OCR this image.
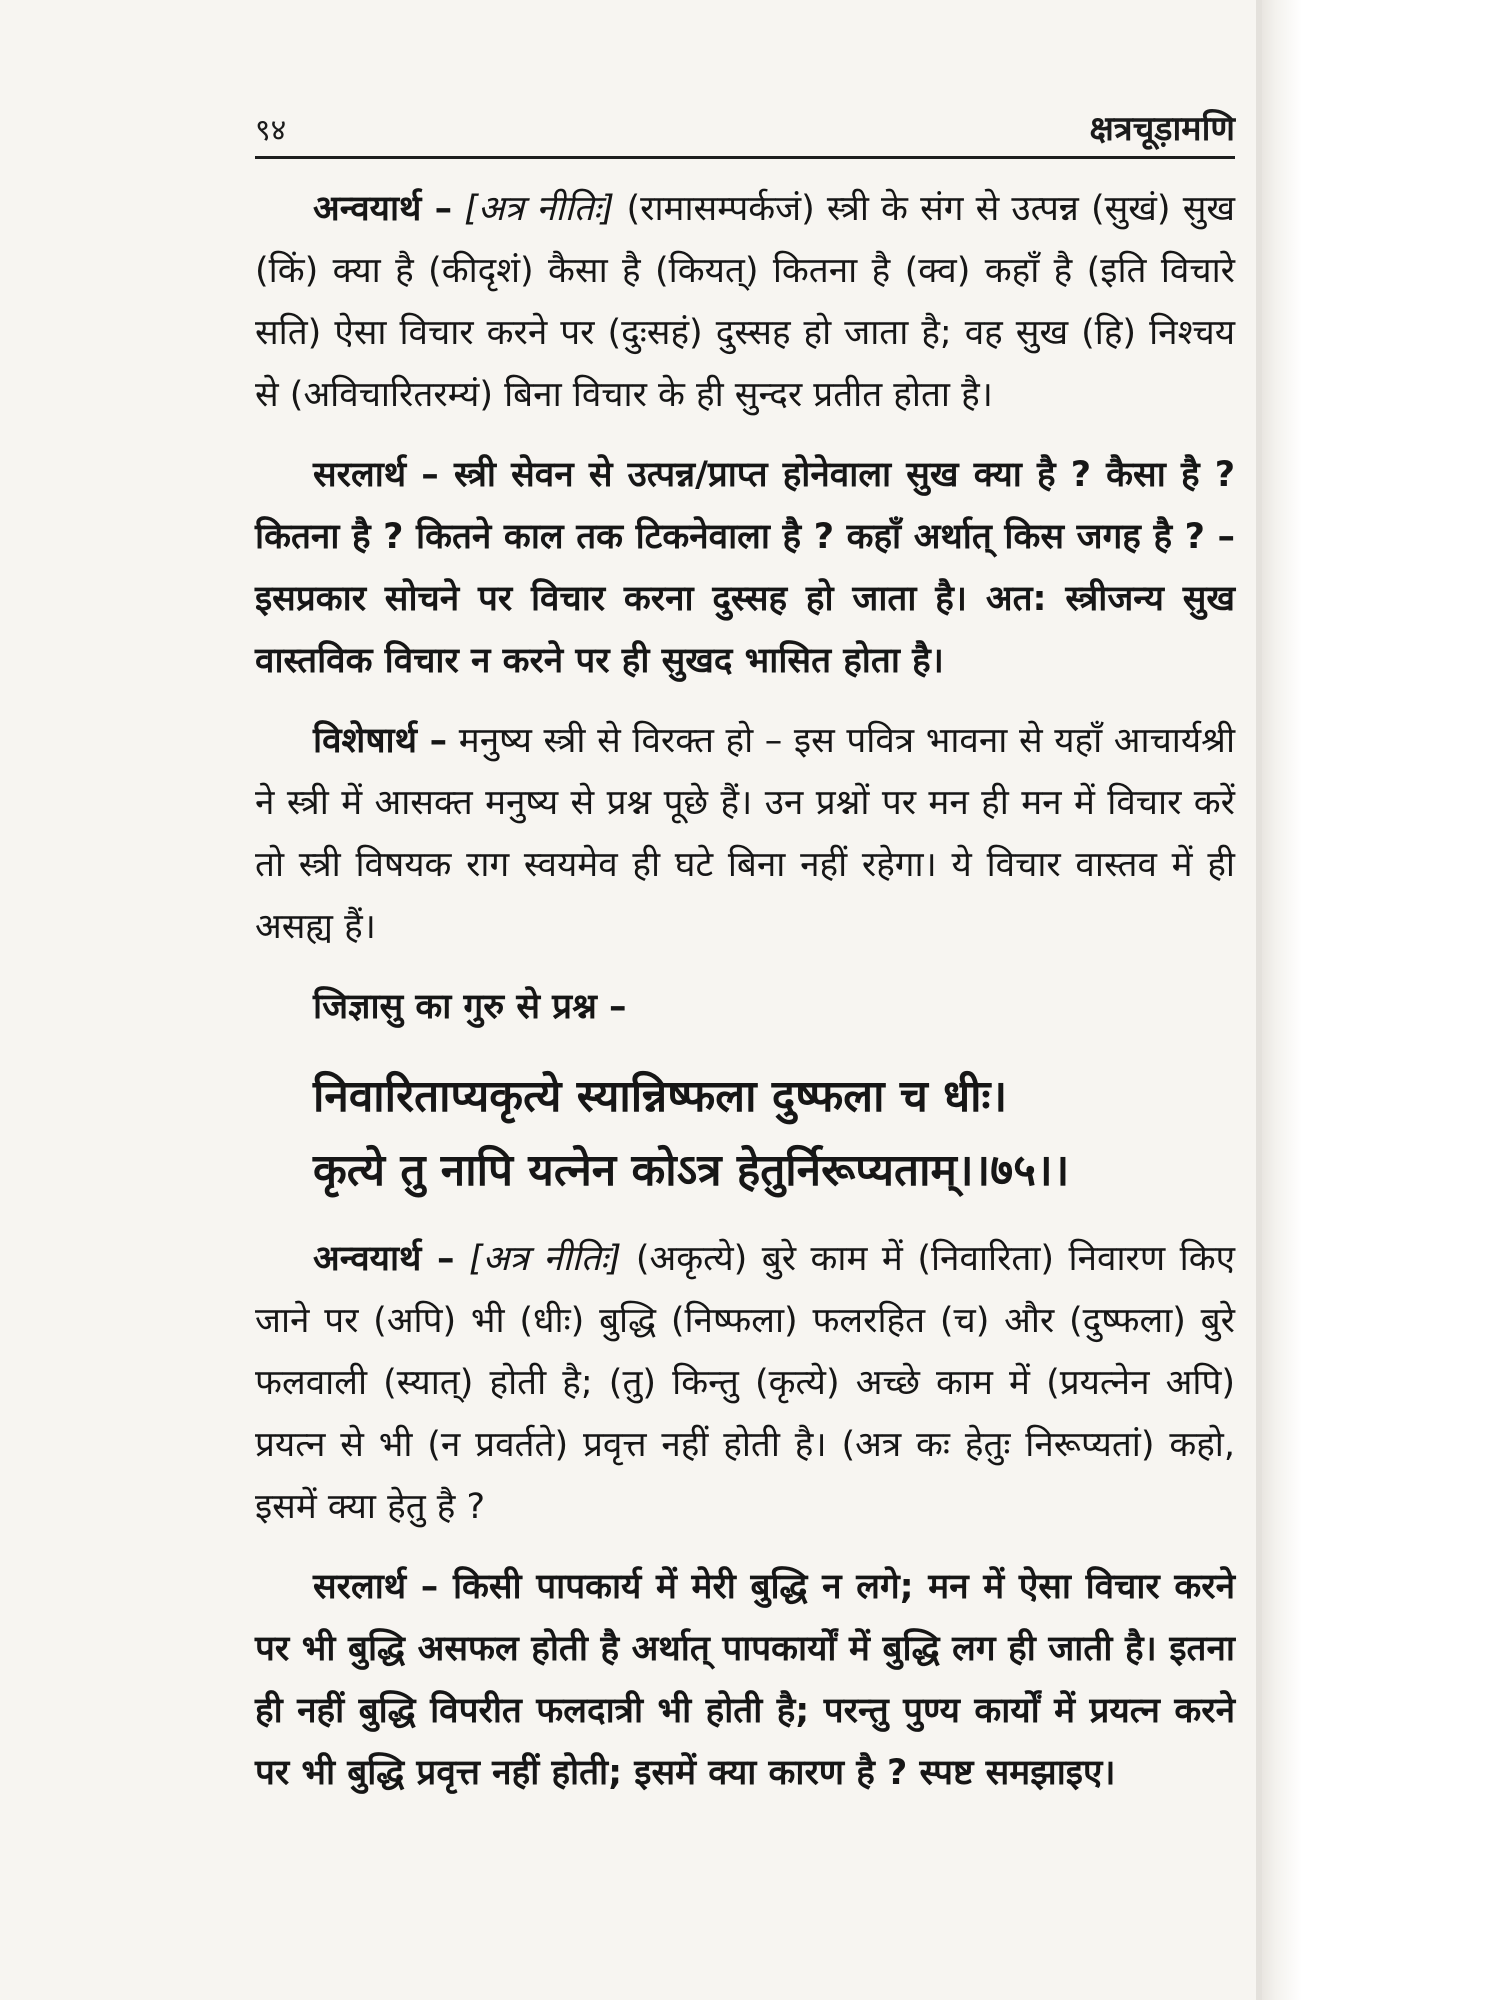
९४	क्षत्रचूड़ामणि

अन्वयार्थ – [अत्र नीतिः] (रामासम्पर्कजं) स्त्री के संग से उत्पन्न (सुखं) सुख (किं) क्या है (कीदृशं) कैसा है (कियत्) कितना है (क्व) कहाँ है (इति विचारे सति) ऐसा विचार करने पर (दुःसहं) दुस्सह हो जाता है; वह सुख (हि) निश्चय से (अविचारितरम्यं) बिना विचार के ही सुन्दर प्रतीत होता है।

सरलार्थ – स्त्री सेवन से उत्पन्न/प्राप्त होनेवाला सुख क्या है ? कैसा है ? कितना है ? कितने काल तक टिकनेवाला है ? कहाँ अर्थात् किस जगह है ? – इसप्रकार सोचने पर विचार करना दुस्सह हो जाता है। अत: स्त्रीजन्य सुख वास्तविक विचार न करने पर ही सुखद भासित होता है।

विशेषार्थ – मनुष्य स्त्री से विरक्त हो – इस पवित्र भावना से यहाँ आचार्यश्री ने स्त्री में आसक्त मनुष्य से प्रश्न पूछे हैं। उन प्रश्नों पर मन ही मन में विचार करें तो स्त्री विषयक राग स्वयमेव ही घटे बिना नहीं रहेगा। ये विचार वास्तव में ही असह्य हैं।

जिज्ञासु का गुरु से प्रश्न –
निवारिताप्यकृत्ये स्यान्निष्फला दुष्फला च धीः।
कृत्ये तु नापि यत्नेन कोऽत्र हेतुर्निरूप्यताम्।।७५।।

अन्वयार्थ – [अत्र नीतिः] (अकृत्ये) बुरे काम में (निवारिता) निवारण किए जाने पर (अपि) भी (धीः) बुद्धि (निष्फला) फलरहित (च) और (दुष्फला) बुरे फलवाली (स्यात्) होती है; (तु) किन्तु (कृत्ये) अच्छे काम में (प्रयत्नेन अपि) प्रयत्न से भी (न प्रवर्तते) प्रवृत्त नहीं होती है। (अत्र कः हेतुः निरूप्यतां) कहो, इसमें क्या हेतु है ?

सरलार्थ – किसी पापकार्य में मेरी बुद्धि न लगे; मन में ऐसा विचार करने पर भी बुद्धि असफल होती है अर्थात् पापकार्यों में बुद्धि लग ही जाती है। इतना ही नहीं बुद्धि विपरीत फलदात्री भी होती है; परन्तु पुण्य कार्यों में प्रयत्न करने पर भी बुद्धि प्रवृत्त नहीं होती; इसमें क्या कारण है ? स्पष्ट समझाइए।
